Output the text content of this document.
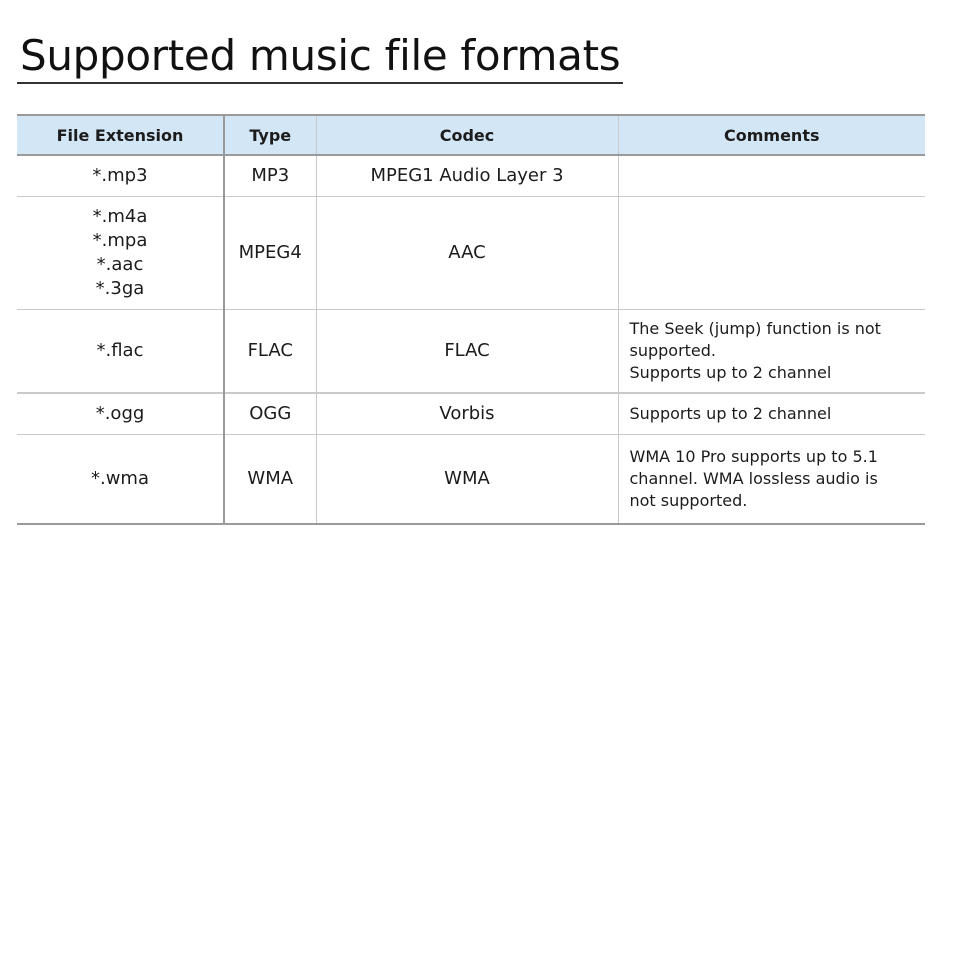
Supported music file formats
File Extension	Type	Codec	Comments

*.mp3	MP3	MPEG1 Audio Layer 3	

*.m4a
*.mpa
*.aac
*.3ga	MPEG4	AAC	

*.flac	FLAC	FLAC	The Seek (jump) function is not
supported.
Supports up to 2 channel

*.ogg	OGG	Vorbis	Supports up to 2 channel

*.wma	WMA	WMA	WMA 10 Pro supports up to 5.1
channel. WMA lossless audio is
not supported.
